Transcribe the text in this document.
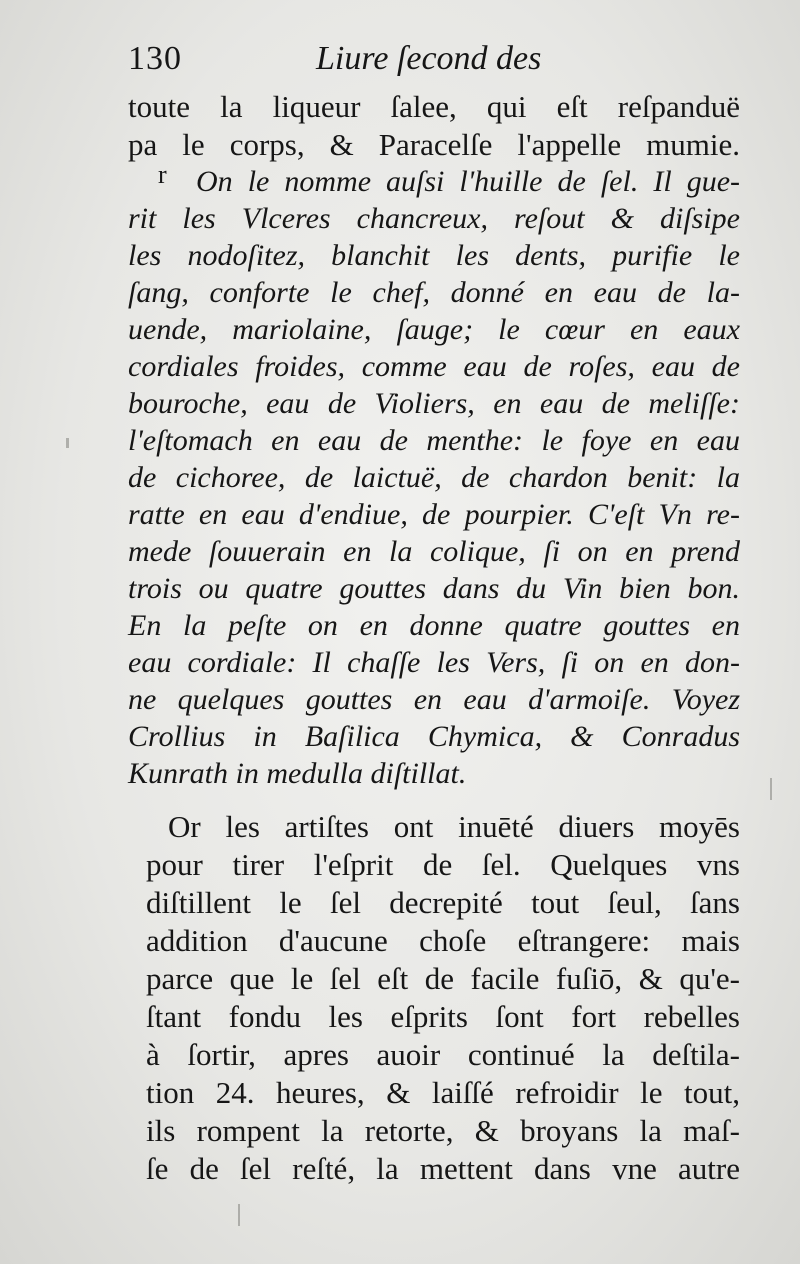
130	Liure ſecond des
r
toute la liqueur ſalee, qui eſt reſpanduë
pa le corps, & Paracelſe l'appelle mumie.
On le nomme auſsi l'huille de ſel. Il gue-
rit les Vlceres chancreux, reſout & diſsipe
les nodoſitez, blanchit les dents, purifie le
ſang, conforte le chef, donné en eau de la-
uende, mariolaine, ſauge; le cœur en eaux
cordiales froides, comme eau de roſes, eau de
bouroche, eau de Violiers, en eau de meliſſe:
l'eſtomach en eau de menthe: le foye en eau
de cichoree, de laictuë, de chardon benit: la
ratte en eau d'endiue, de pourpier. C'eſt Vn re-
mede ſouuerain en la colique, ſi on en prend
trois ou quatre gouttes dans du Vin bien bon.
En la peſte on en donne quatre gouttes en
eau cordiale: Il chaſſe les Vers, ſi on en don-
ne quelques gouttes en eau d'armoiſe. Voyez
Crollius in Baſilica Chymica, & Conradus
Kunrath in medulla diſtillat.
Or les artiſtes ont inuēté diuers moyēs
pour tirer l'eſprit de ſel. Quelques vns
diſtillent le ſel decrepité tout ſeul, ſans
addition d'aucune choſe eſtrangere: mais
parce que le ſel eſt de facile fuſiō, & qu'e-
ſtant fondu les eſprits ſont fort rebelles
à ſortir, apres auoir continué la deſtila-
tion 24. heures, & laiſſé refroidir le tout,
ils rompent la retorte, & broyans la maſ-
ſe de ſel reſté, la mettent dans vne autre
